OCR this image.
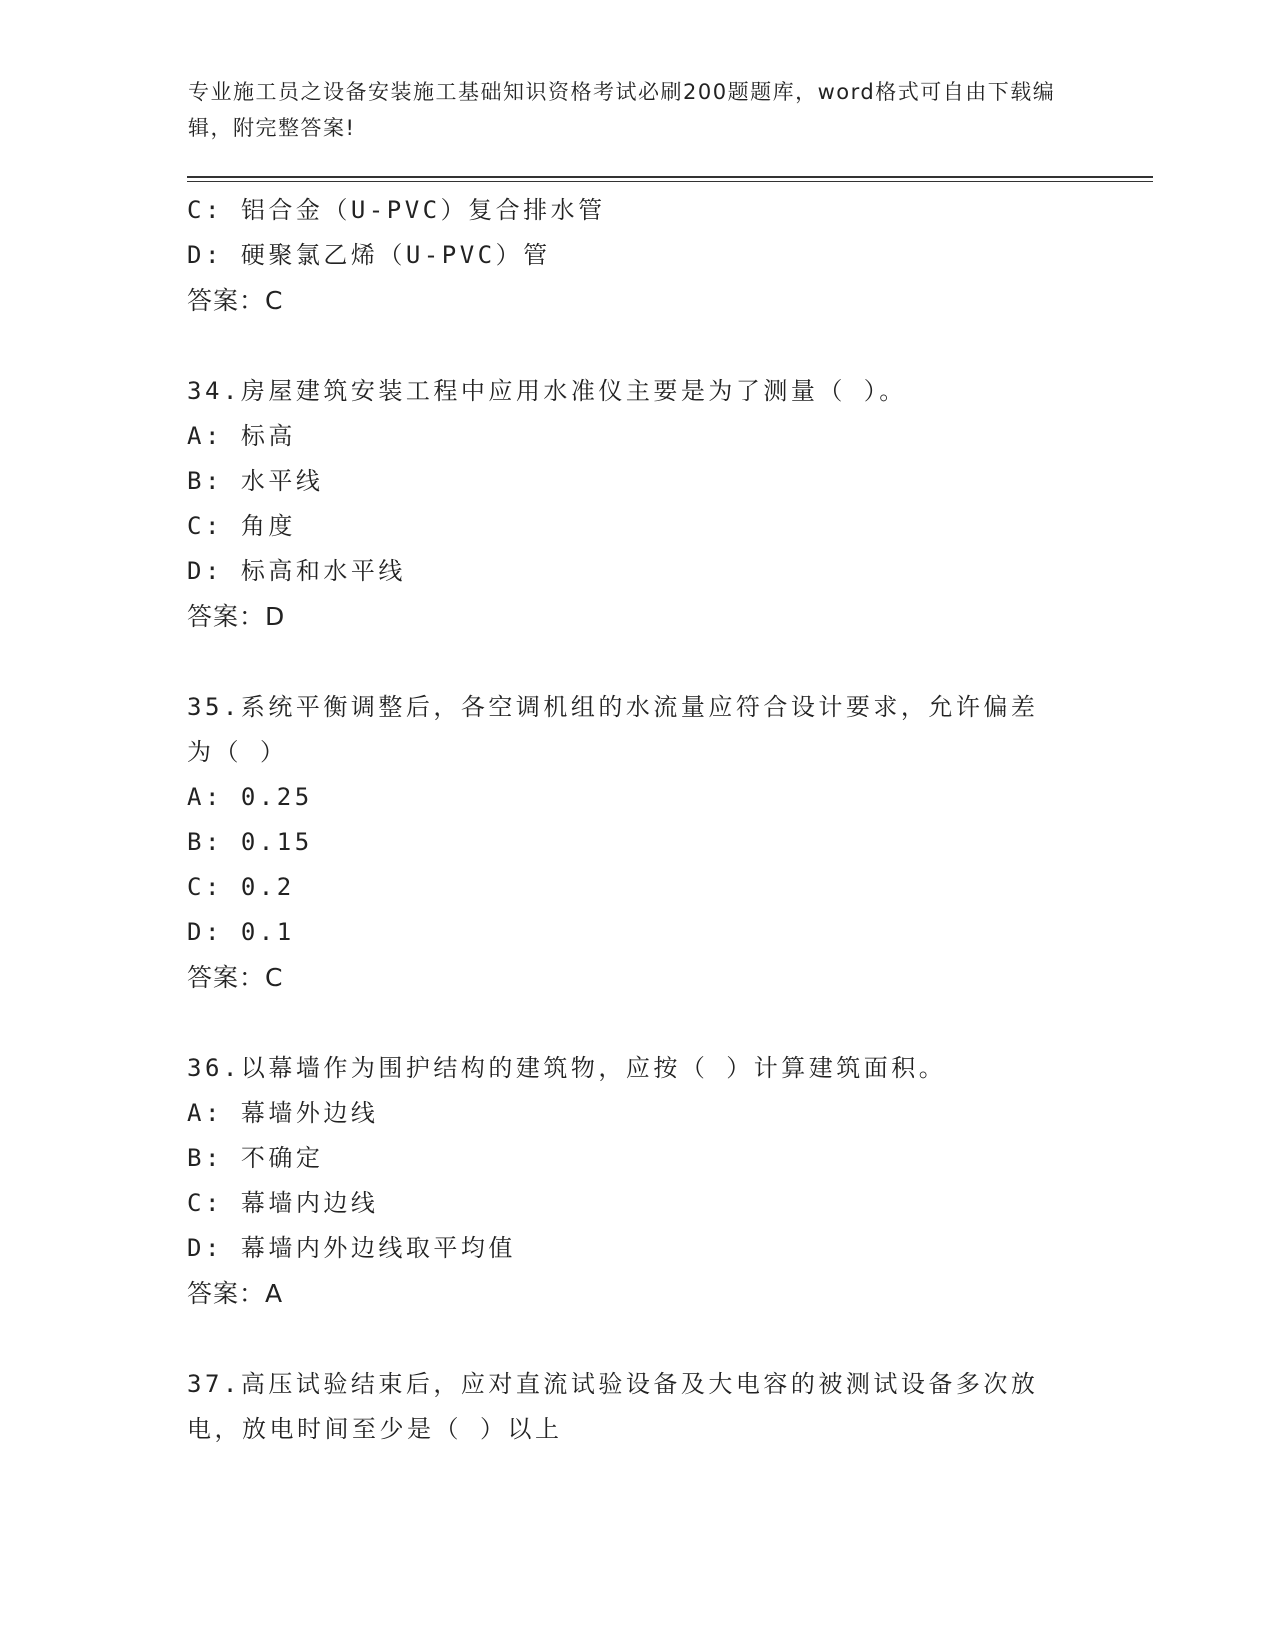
专业施工员之设备安装施工基础知识资格考试必刷200题题库，word格式可自由下载编辑，附完整答案!
C: 铝合金（U-PVC）复合排水管
D: 硬聚氯乙烯（U-PVC）管
答案：C
34.房屋建筑安装工程中应用水准仪主要是为了测量（ ）。
A: 标高
B: 水平线
C: 角度
D: 标高和水平线
答案：D
35.系统平衡调整后，各空调机组的水流量应符合设计要求，允许偏差
为（ ）
A: 0.25
B: 0.15
C: 0.2
D: 0.1
答案：C
36.以幕墙作为围护结构的建筑物，应按（ ）计算建筑面积。
A: 幕墙外边线
B: 不确定
C: 幕墙内边线
D: 幕墙内外边线取平均值
答案：A
37.高压试验结束后，应对直流试验设备及大电容的被测试设备多次放
电，放电时间至少是（ ）以上
